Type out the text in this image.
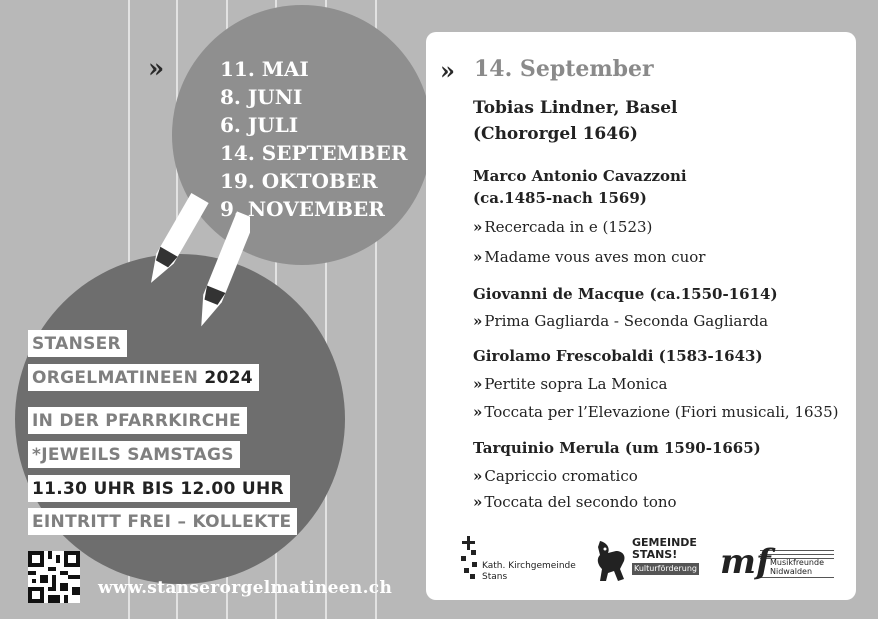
»	11. MAI
8. JUNI
6. JULI
14. SEPTEMBER
19. OKTOBER
9. NOVEMBER
STANSER
ORGELMATINEEN 2024
IN DER PFARRKIRCHE
*JEWEILS SAMSTAGS
11.30 UHR BIS 12.00 UHR
EINTRITT FREI – KOLLEKTE
www.stanserorgelmatineen.ch
» 14. September
Tobias Lindner, Basel
(Chororgel 1646)
Marco Antonio Cavazzoni
(ca.1485-nach 1569)
» Recercada in e (1523)
» Madame vous aves mon cuor
Giovanni de Macque (ca.1550-1614)
» Prima Gagliarda - Seconda Gagliarda
Girolamo Frescobaldi (1583-1643)
» Pertite sopra La Monica
» Toccata per l’Elevazione (Fiori musicali, 1635)
Tarquinio Merula (um 1590-1665)
» Capriccio cromatico
» Toccata del secondo tono
Kath. Kirchgemeinde
Stans
GEMEINDE
STANS!
Kulturförderung mf Musikfreunde
Nidwalden
